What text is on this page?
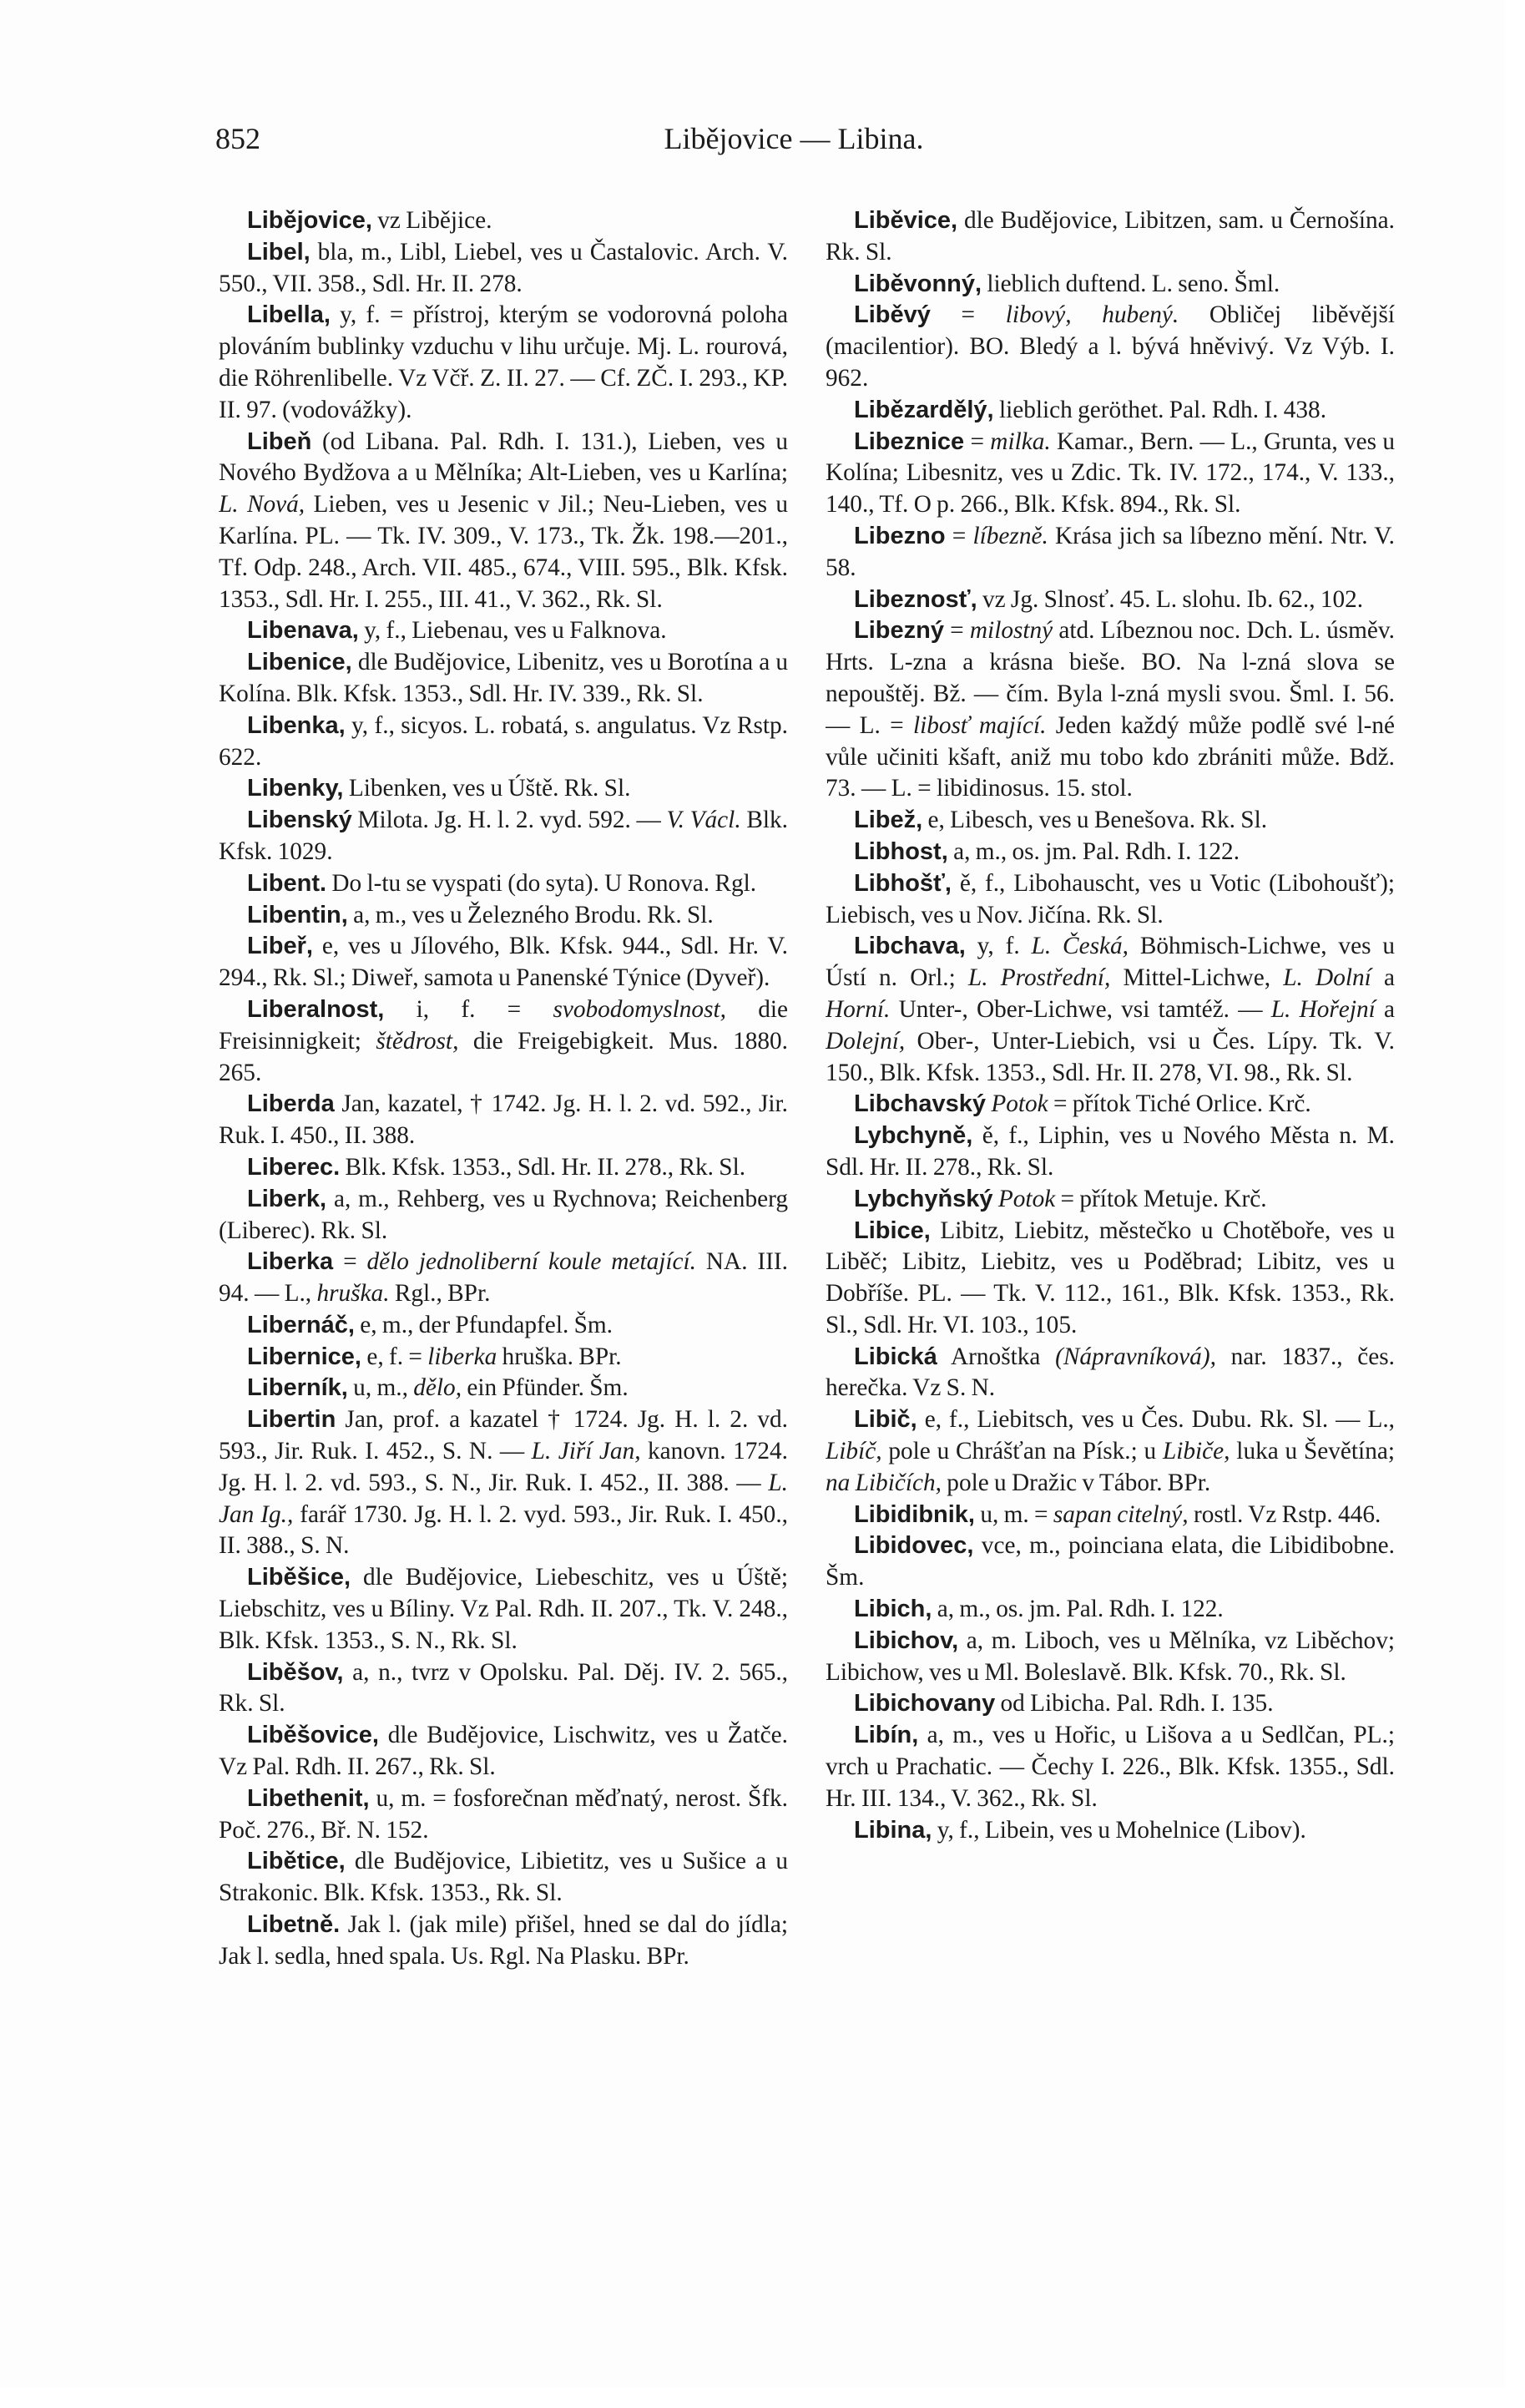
852	Liběјovice — Libina.

Liběјovice, vz Liběјice.

Libel, bla, m., Libl, Liebel, ves u Častalovic. Arch. V. 550., VII. 358., Sdl. Hr. II. 278.

Libella, y, f. = přístroj, kterým se vodorovná poloha plováním bublinky vzduchu v lihu určuje. Mj. L. rourová, die Röhrenlibelle. Vz Včř. Z. II. 27. — Cf. ZČ. I. 293., KP. II. 97. (vodovážky).

Libeň (od Libana. Pal. Rdh. I. 131.), Lieben, ves u Nového Bydžova a u Mělníka; Alt-Lieben, ves u Karlína; L. Nová, Lieben, ves u Jesenic v Jil.; Neu-Lieben, ves u Karlína. PL. — Tk. IV. 309., V. 173., Tk. Žk. 198.—201., Tf. Odp. 248., Arch. VII. 485., 674., VIII. 595., Blk. Kfsk. 1353., Sdl. Hr. I. 255., III. 41., V. 362., Rk. Sl.

Libenava, y, f., Liebenau, ves u Falknova.

Libenice, dle Budějovice, Libenitz, ves u Borotína a u Kolína. Blk. Kfsk. 1353., Sdl. Hr. IV. 339., Rk. Sl.

Libenka, y, f., sicyos. L. robatá, s. angulatus. Vz Rstp. 622.

Libenky, Libenken, ves u Úště. Rk. Sl.

Libenský Milota. Jg. H. l. 2. vyd. 592. — V. Václ. Blk. Kfsk. 1029.

Libent. Do l-tu se vyspati (do syta). U Ronova. Rgl.

Libentin, a, m., ves u Železného Brodu. Rk. Sl.

Libeř, e, ves u Jílového, Blk. Kfsk. 944., Sdl. Hr. V. 294., Rk. Sl.; Diweř, samota u Panenské Týnice (Dyveř).

Liberalnost, i, f. = svobodomyslnost, die Freisinnigkeit; štědrost, die Freigebigkeit. Mus. 1880. 265.

Liberda Jan, kazatel, † 1742. Jg. H. l. 2. vd. 592., Jir. Ruk. I. 450., II. 388.

Liberec. Blk. Kfsk. 1353., Sdl. Hr. II. 278., Rk. Sl.

Liberk, a, m., Rehberg, ves u Rychnova; Reichenberg (Liberec). Rk. Sl.

Liberka = dělo jednoliberní koule metající. NA. III. 94. — L., hruška. Rgl., BPr.

Libernáč, e, m., der Pfundapfel. Šm.

Libernice, e, f. = liberka hruška. BPr.

Liberník, u, m., dělo, ein Pfünder. Šm.

Libertin Jan, prof. a kazatel † 1724. Jg. H. l. 2. vd. 593., Jir. Ruk. I. 452., S. N. — L. Jiří Jan, kanovn. 1724. Jg. H. l. 2. vd. 593., S. N., Jir. Ruk. I. 452., II. 388. — L. Jan Ig., farář 1730. Jg. H. l. 2. vyd. 593., Jir. Ruk. I. 450., II. 388., S. N.

Liběšice, dle Budějovice, Liebeschitz, ves u Úště; Liebschitz, ves u Bíliny. Vz Pal. Rdh. II. 207., Tk. V. 248., Blk. Kfsk. 1353., S. N., Rk. Sl.

Liběšov, a, n., tvrz v Opolsku. Pal. Děj. IV. 2. 565., Rk. Sl.

Liběšovice, dle Budějovice, Lischwitz, ves u Žatče. Vz Pal. Rdh. II. 267., Rk. Sl.

Libethenit, u, m. = fosforečnan měďnatý, nerost. Šfk. Poč. 276., Bř. N. 152.

Libětice, dle Budějovice, Libietitz, ves u Sušice a u Strakonic. Blk. Kfsk. 1353., Rk. Sl.

Libetně. Jak l. (jak mile) přišel, hned se dal do jídla; Jak l. sedla, hned spala. Us. Rgl. Na Plasku. BPr.

Liběvice, dle Budějovice, Libitzen, sam. u Černošína. Rk. Sl.

Liběvonný, lieblich duftend. L. seno. Šml.

Liběvý = libový, hubený. Obličej liběvější (macilentior). BO. Bledý a l. bývá hněvivý. Vz Výb. I. 962.

Libězardělý, lieblich geröthet. Pal. Rdh. I. 438.

Libeznice = milka. Kamar., Bern. — L., Grunta, ves u Kolína; Libesnitz, ves u Zdic. Tk. IV. 172., 174., V. 133., 140., Tf. O p. 266., Blk. Kfsk. 894., Rk. Sl.

Libezno = líbezně. Krása jich sa líbezno mění. Ntr. V. 58.

Libeznosť, vz Jg. Slnosť. 45. L. slohu. Ib. 62., 102.

Libezný = milostný atd. Líbeznou noc. Dch. L. úsměv. Hrts. L-zna a krásna bieše. BO. Na l-zná slova se nepouštěj. Bž. — čím. Byla l-zná mysli svou. Šml. I. 56. — L. = libosť mající. Jeden každý může podlě své l-né vůle učiniti kšaft, aniž mu tobo kdo zbrániti může. Bdž. 73. — L. = libidinosus. 15. stol.

Libež, e, Libesch, ves u Benešova. Rk. Sl.

Libhost, a, m., os. jm. Pal. Rdh. I. 122.

Libhošť, ě, f., Libohauscht, ves u Votic (Libohoušť); Liebisch, ves u Nov. Jičína. Rk. Sl.

Libchava, y, f. L. Česká, Böhmisch-Lichwe, ves u Ústí n. Orl.; L. Prostřední, Mittel-Lichwe, L. Dolní a Horní. Unter-, Ober-Lichwe, vsi tamtéž. — L. Hořejní a Dolejní, Ober-, Unter-Liebich, vsi u Čes. Lípy. Tk. V. 150., Blk. Kfsk. 1353., Sdl. Hr. II. 278, VI. 98., Rk. Sl.

Libchavský Potok = přítok Tiché Orlice. Krč.

Lybchyně, ě, f., Liphin, ves u Nového Města n. M. Sdl. Hr. II. 278., Rk. Sl.

Lybchyňský Potok = přítok Metuje. Krč.

Libice, Libitz, Liebitz, městečko u Chotěboře, ves u Liběč; Libitz, Liebitz, ves u Poděbrad; Libitz, ves u Dobříše. PL. — Tk. V. 112., 161., Blk. Kfsk. 1353., Rk. Sl., Sdl. Hr. VI. 103., 105.

Libická Arnoštka (Nápravníková), nar. 1837., čes. herečka. Vz S. N.

Libič, e, f., Liebitsch, ves u Čes. Dubu. Rk. Sl. — L., Libíč, pole u Chrášťan na Písk.; u Libiče, luka u Ševětína; na Libičích, pole u Dražic v Tábor. BPr.

Libidibnik, u, m. = sapan citelný, rostl. Vz Rstp. 446.

Libidovec, vce, m., poinciana elata, die Libidibobne. Šm.

Libich, a, m., os. jm. Pal. Rdh. I. 122.

Libichov, a, m. Liboch, ves u Mělníka, vz Liběchov; Libichow, ves u Ml. Boleslavě. Blk. Kfsk. 70., Rk. Sl.

Libichovany od Libicha. Pal. Rdh. I. 135.

Libín, a, m., ves u Hořic, u Lišova a u Sedlčan, PL.; vrch u Prachatic. — Čechy I. 226., Blk. Kfsk. 1355., Sdl. Hr. III. 134., V. 362., Rk. Sl.

Libina, y, f., Libein, ves u Mohelnice (Libov).
